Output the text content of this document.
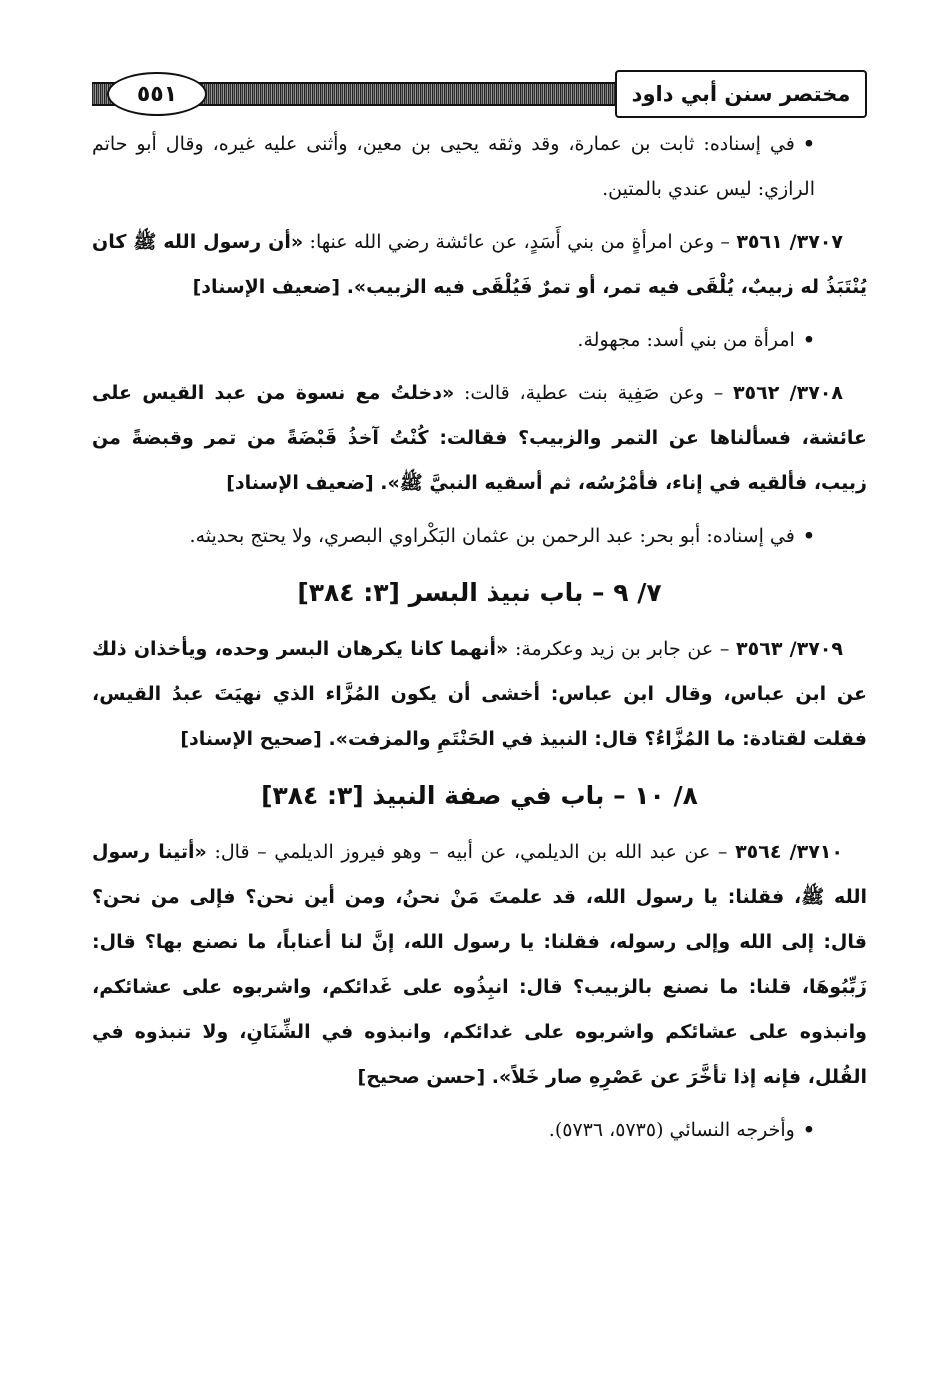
٥٥١	مختصر سنن أبي داود

•في إسناده: ثابت بن عمارة، وقد وثقه يحيى بن معين، وأثنى عليه غيره، وقال أبو حاتم الرازي: ليس عندي بالمتين.

٣٧٠٧/ ٣٥٦١ – وعن امرأةٍ من بني أَسَدٍ، عن عائشة رضي الله عنها: «أن رسول الله ﷺ كان يُنْتَبَذُ له زبيبٌ، يُلْقَى فيه تمر، أو تمرٌ فَيُلْقَى فيه الزبيب». [ضعيف الإسناد]

•امرأة من بني أسد: مجهولة.

٣٧٠٨/ ٣٥٦٢ – وعن صَفِية بنت عطية، قالت: «دخلتُ مع نسوة من عبد القيس على عائشة، فسألناها عن التمر والزبيب؟ فقالت: كُنْتُ آخذُ قَبْضَةً من تمر وقبضةً من زبيب، فألقيه في إناء، فأمْرُسُه، ثم أسقيه النبيَّ ﷺ». [ضعيف الإسناد]

•في إسناده: أبو بحر: عبد الرحمن بن عثمان البَكْراوي البصري، ولا يحتج بحديثه.

٧/ ٩ – باب نبيذ البسر [٣: ٣٨٤]

٣٧٠٩/ ٣٥٦٣ – عن جابر بن زيد وعكرمة: «أنهما كانا يكرهان البسر وحده، ويأخذان ذلك عن ابن عباس، وقال ابن عباس: أخشى أن يكون المُزَّاء الذي نهيَتَ عبدُ القيس، فقلت لقتادة: ما المُزَّاءُ؟ قال: النبيذ في الحَنْتَمِ والمزفت». [صحيح الإسناد]

٨/ ١٠ – باب في صفة النبيذ [٣: ٣٨٤]

٣٧١٠/ ٣٥٦٤ – عن عبد الله بن الديلمي، عن أبيه – وهو فيروز الديلمي – قال: «أتينا رسول الله ﷺ، فقلنا: يا رسول الله، قد علمتَ مَنْ نحنُ، ومن أين نحن؟ فإلى من نحن؟ قال: إلى الله وإلى رسوله، فقلنا: يا رسول الله، إنَّ لنا أعناباً، ما نصنع بها؟ قال: زَبِّبُوهَا، قلنا: ما نصنع بالزبيب؟ قال: انبِذُوه على غَدائكم، واشربوه على عشائكم، وانبذوه على عشائكم واشربوه على غدائكم، وانبذوه في الشِّنَانِ، ولا تنبذوه في القُلل، فإنه إذا تأخَّرَ عن عَصْرِهِ صار خَلاً». [حسن صحيح]

•وأخرجه النسائي (٥٧٣٥، ٥٧٣٦).
